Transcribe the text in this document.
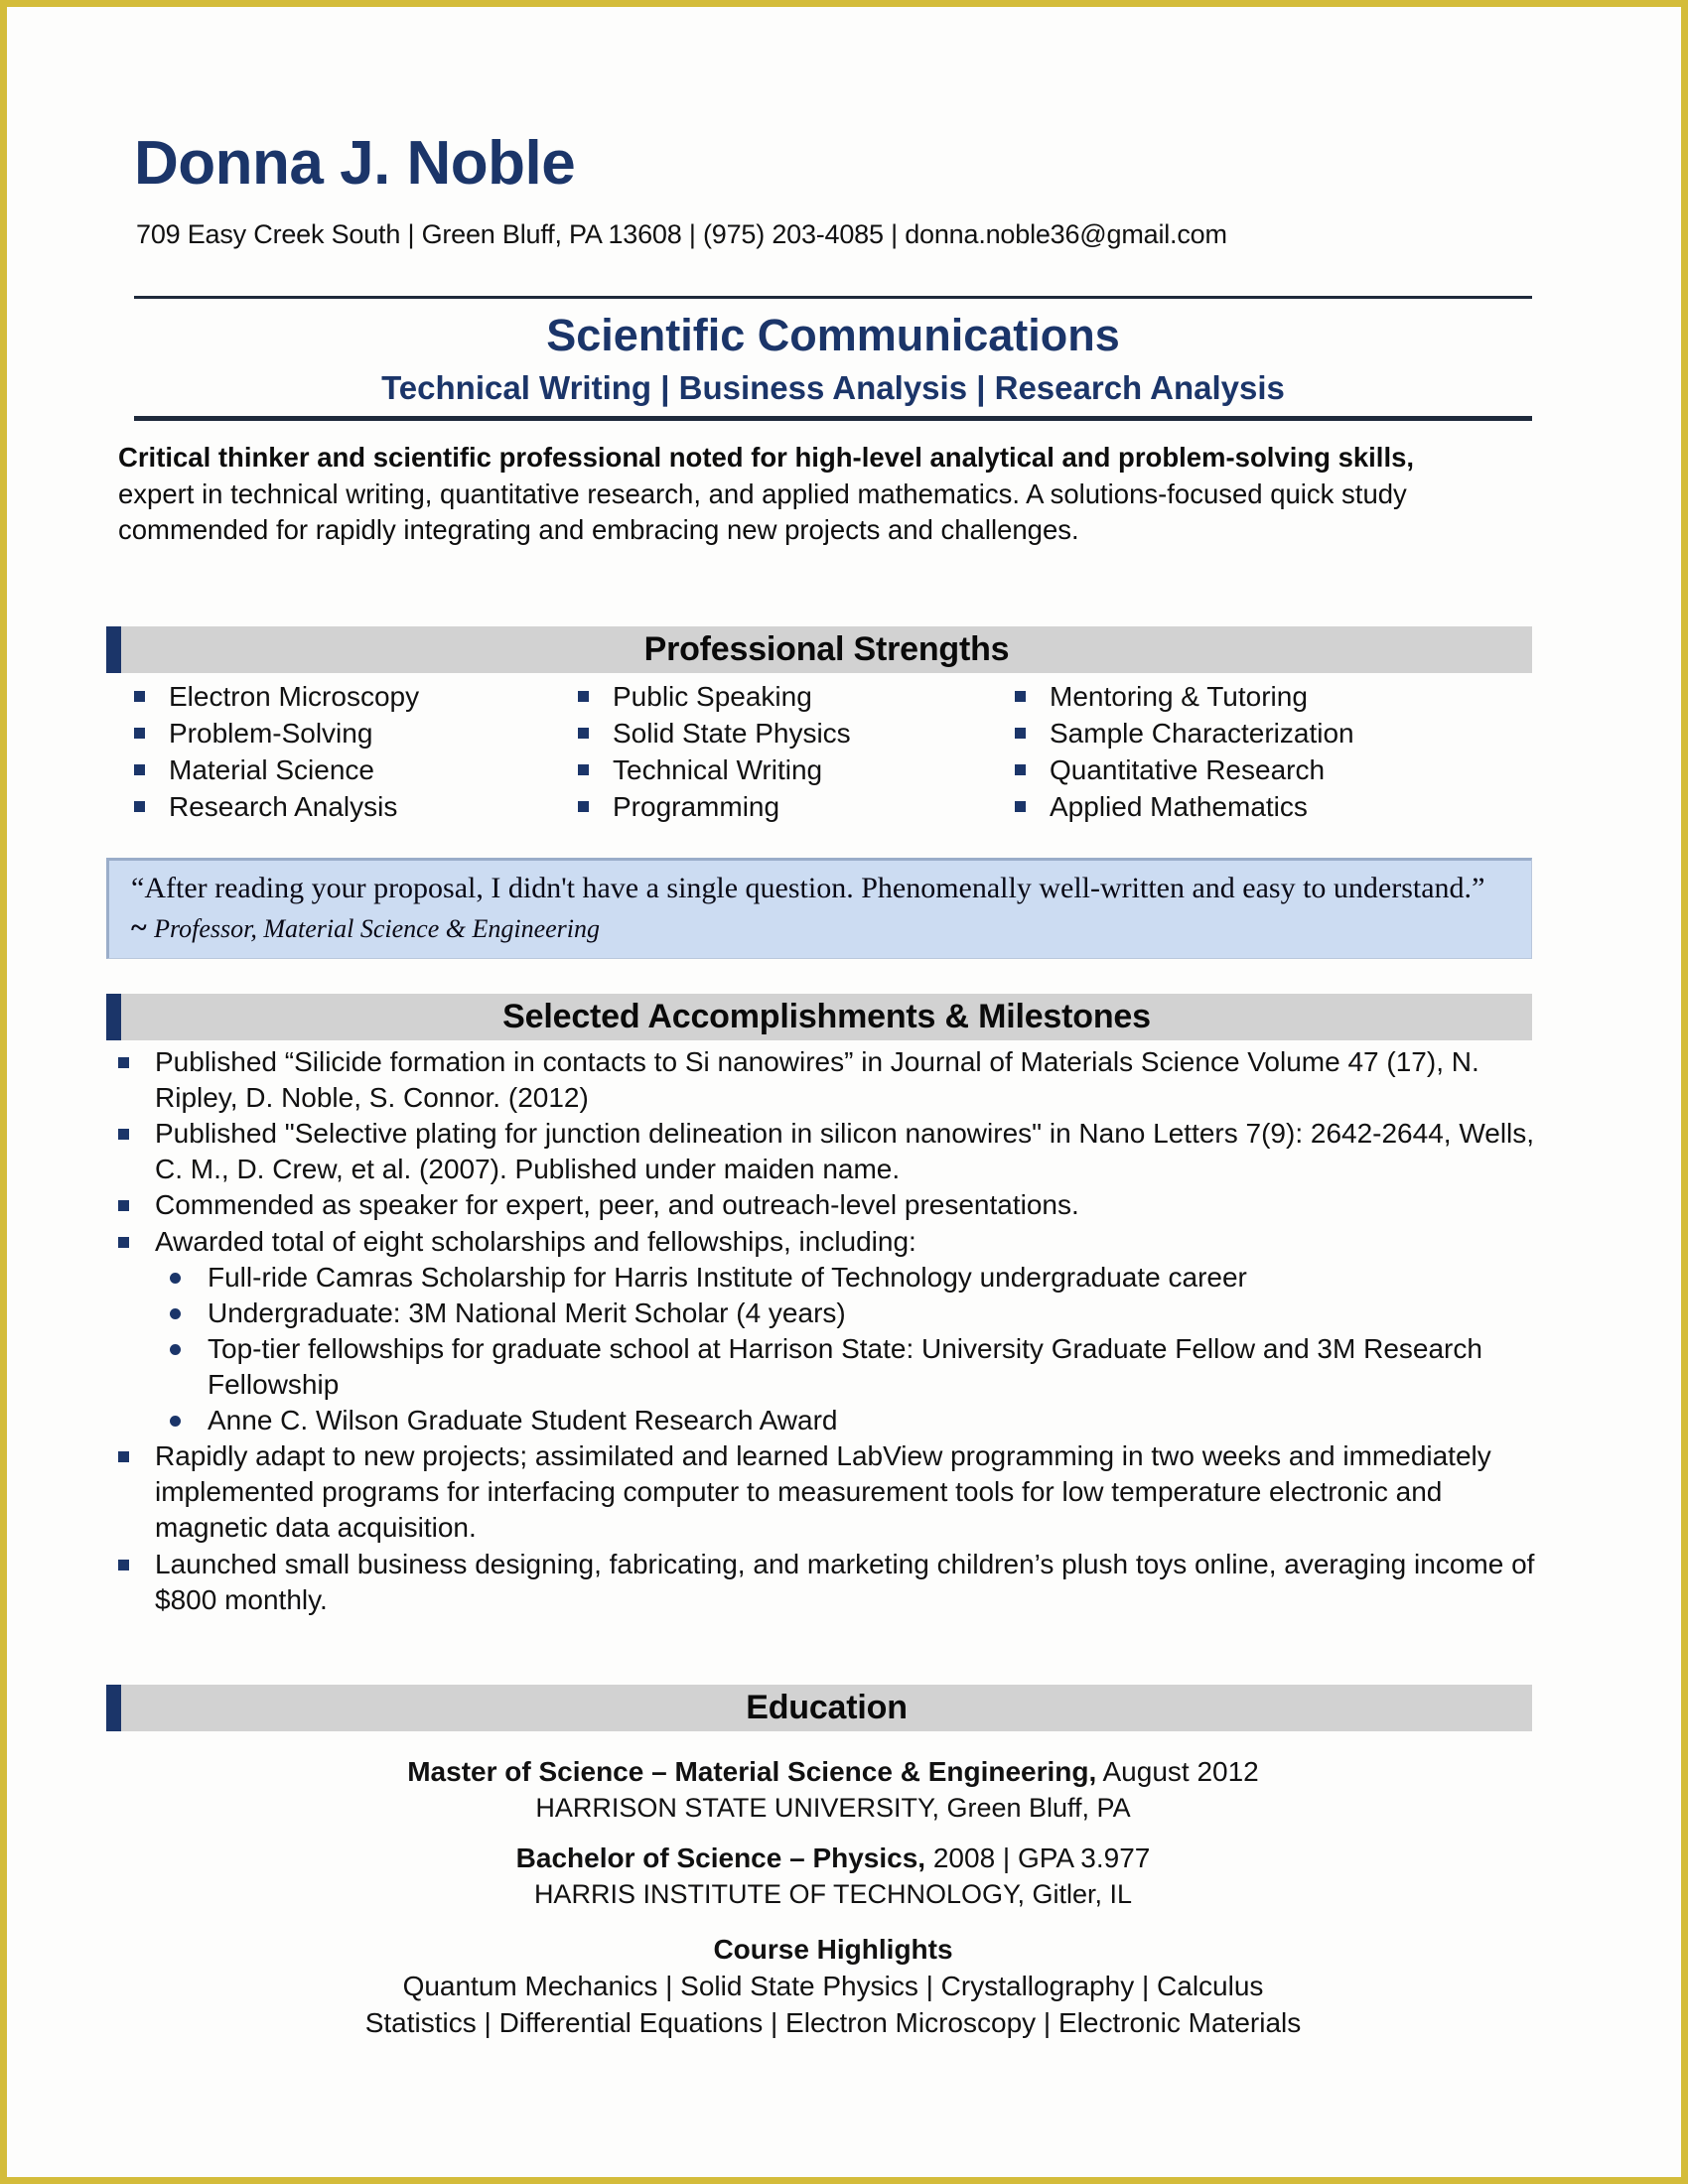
Donna J. Noble
709 Easy Creek South | Green Bluff, PA 13608 | (975) 203-4085 | donna.noble36@gmail.com
Scientific Communications
Technical Writing | Business Analysis | Research Analysis
Critical thinker and scientific professional noted for high-level analytical and problem-solving skills, expert in technical writing, quantitative research, and applied mathematics. A solutions-focused quick study commended for rapidly integrating and embracing new projects and challenges.
Professional Strengths
Electron Microscopy	Public Speaking	Mentoring & Tutoring
Problem-Solving	Solid State Physics	Sample Characterization
Material Science	Technical Writing	Quantitative Research
Research Analysis	Programming	Applied Mathematics
“After reading your proposal, I didn't have a single question. Phenomenally well-written and easy to understand.”  ~ Professor, Material Science & Engineering
Selected Accomplishments & Milestones
Published “Silicide formation in contacts to Si nanowires” in Journal of Materials Science Volume 47 (17), N. Ripley, D. Noble, S. Connor. (2012)
Published "Selective plating for junction delineation in silicon nanowires" in Nano Letters 7(9): 2642-2644, Wells, C. M., D. Crew, et al. (2007). Published under maiden name.
Commended as speaker for expert, peer, and outreach-level presentations.
Awarded total of eight scholarships and fellowships, including:
Full-ride Camras Scholarship for Harris Institute of Technology undergraduate career
Undergraduate: 3M National Merit Scholar (4 years)
Top-tier fellowships for graduate school at Harrison State: University Graduate Fellow and 3M Research Fellowship
Anne C. Wilson Graduate Student Research Award
Rapidly adapt to new projects; assimilated and learned LabView programming in two weeks and immediately implemented programs for interfacing computer to measurement tools for low temperature electronic and magnetic data acquisition.
Launched small business designing, fabricating, and marketing children’s plush toys online, averaging income of $800 monthly.
Education
Master of Science – Material Science & Engineering, August 2012
HARRISON STATE UNIVERSITY, Green Bluff, PA
Bachelor of Science – Physics, 2008 | GPA 3.977
HARRIS INSTITUTE OF TECHNOLOGY, Gitler, IL
Course Highlights
Quantum Mechanics | Solid State Physics | Crystallography | Calculus
Statistics | Differential Equations | Electron Microscopy | Electronic Materials
